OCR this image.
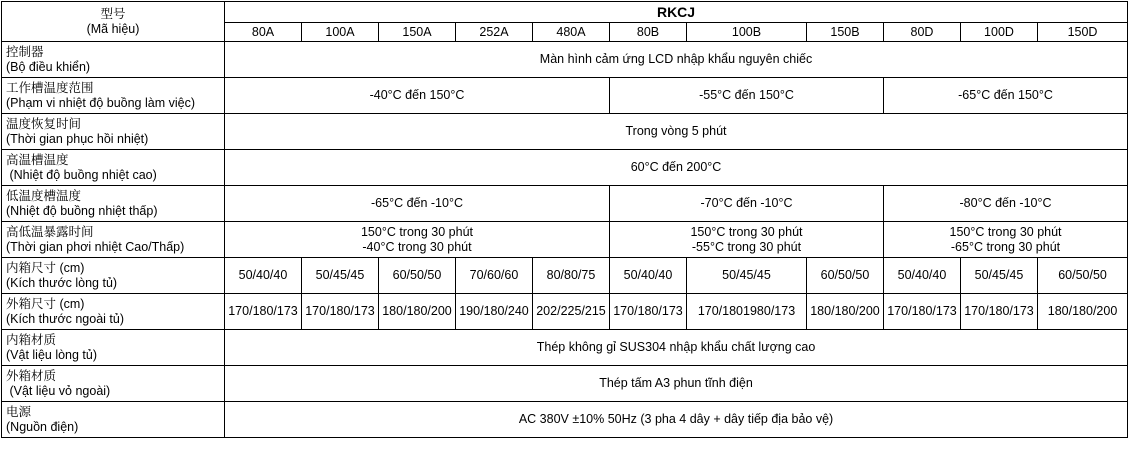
型号
(Mã hiệu)	RKCJ										
	80A	100A	150A	252A	480A	80B	100B	150B	80D	100D	150D

控制器
(Bộ điều khiển)	Màn hình cảm ứng LCD nhập khẩu nguyên chiếc										

工作槽温度范围
(Phạm vi nhiệt độ buồng làm việc)	-40°C đến 150°C					-55°C đến 150°C			-65°C đến 150°C		

温度恢复时间
(Thời gian phục hồi nhiệt)	Trong vòng 5 phút										

高温槽温度
(Nhiệt độ buồng nhiệt cao)	60°C đến 200°C										

低温度槽温度
(Nhiệt độ buồng nhiệt thấp)	-65°C đến -10°C					-70°C đến -10°C			-80°C đến -10°C		

高低温暴露时间
(Thời gian phơi nhiệt Cao/Thấp)	150°C trong 30 phút
-40°C trong 30 phút					150°C trong 30 phút
-55°C trong 30 phút			150°C trong 30 phút
-65°C trong 30 phút		

内箱尺寸 (cm)
(Kích thước lòng tủ)	50/40/40	50/45/45	60/50/50	70/60/60	80/80/75	50/40/40	50/45/45	60/50/50	50/40/40	50/45/45	60/50/50

外箱尺寸 (cm)
(Kích thước ngoài tủ)	170/180/173	170/180/173	180/180/200	190/180/240	202/225/215	170/180/173	170/1801980/173	180/180/200	170/180/173	170/180/173	180/180/200

内箱材质
(Vật liệu lòng tủ)	Thép không gỉ SUS304 nhập khẩu chất lượng cao										

外箱材质
(Vật liệu vỏ ngoài)	Thép tấm A3 phun tĩnh điện										

电源
(Nguồn điện)	AC 380V ±10% 50Hz (3 pha 4 dây + dây tiếp địa bảo vệ)										
